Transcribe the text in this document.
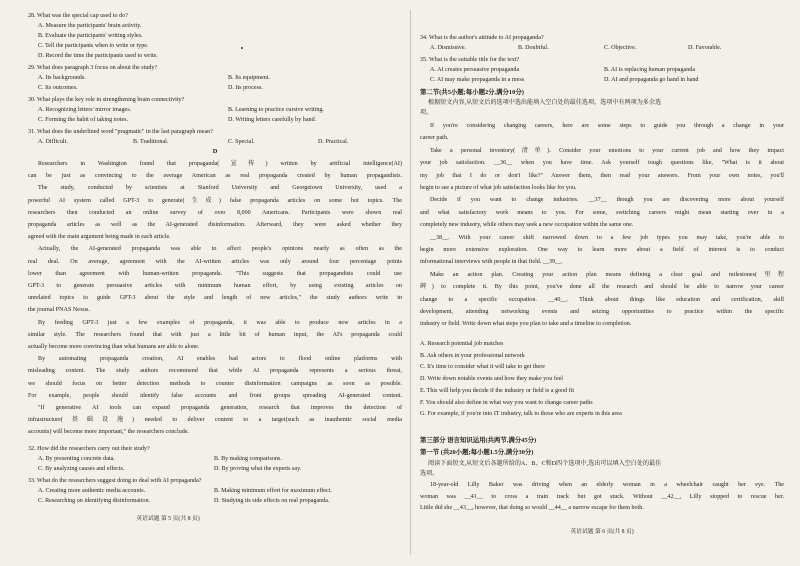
28. What was the special cap used to do?
A. Measure the participants' brain activity.
B. Evaluate the participants' writing styles.
C. Tell the participants when to write or type.
D. Record the time the participants used to write.
29. What does paragraph 3 focus on about the study?
A. Its backgrounds.	B. Its equipment.
C. Its outcomes.	D. Its process.
30. What plays the key role in strengthening brain connectivity?
A. Recognizing letters' mirror images.	B. Learning to practice cursive writing.
C. Forming the habit of taking notes.	D. Writing letters carefully by hand.
31. What does the underlined word "pragmatic" in the last paragraph mean?
A. Difficult.	B. Traditional.	C. Special.	D. Practical.
D
Researchers in Washington found that propaganda(宣传) written by artificial intelligence(AI)
can be just as convincing to the average American as real propaganda created by human propagandists.
The study, conducted by scientists at Stanford University and Georgetown University, used a
powerful AI system called GPT-3 to generate(生成) false propaganda articles on some hot topics. The
researchers then conducted an online survey of over 8,000 Americans. Participants were shown real
propaganda articles as well as the AI-generated disinformation. Afterward, they were asked whether they
agreed with the main argument being made in each article.
Actually, the AI-generated propaganda was able to affect people's opinions nearly as often as the
real deal. On average, agreement with the AI-written articles was only around four percentage points
lower than agreement with human-written propaganda. "This suggests that propagandists could use
GPT-3 to generate persuasive articles with minimum human effort, by using existing articles on
unrelated topics to guide GPT-3 about the style and length of new articles," the study authors write in
the journal PNAS Nexus.
By feeding GPT-3 just a few examples of propaganda, it was able to produce new articles in a
similar style. The researchers found that with just a little bit of human input, the AI's propaganda could
actually become more convincing than what humans are able to alone.
By automating propaganda creation, AI enables bad actors to flood online platforms with
misleading content. The study authors recommend that while AI propaganda represents a serious threat,
we should focus on better detection methods to counter disinformation campaigns as soon as possible.
For example, people should identify false accounts and front groups spreading AI-generated content.
"If generative AI tools can expand propaganda generation, research that improves the detection of
infrastructure(基础设施) needed to deliver content to a target(such as inauthentic social media
accounts) will become more important," the researchers conclude.
32. How did the researchers carry out their study?
A. By presenting concrete data.	B. By making comparisons.
C. By analyzing causes and effects.	D. By proving what the experts say.
33. What do the researchers suggest doing to deal with AI propaganda?
A. Creating more authentic media accounts.	B. Making minimum effort for maximum effect.
C. Researching on identifying disinformation.	D. Studying its side effects on real propaganda.
英语试题 第 5 页(共 8 页)
34. What is the author's attitude to AI propaganda?
A. Dismissive.	B. Doubtful.	C. Objective.	D. Favorable.
35. What is the suitable title for the text?
A. AI creates persuasive propaganda	B. AI is replacing human propaganda
C. AI may make propaganda in a mess	D. AI and propaganda go hand in hand
第二节(共5小题;每小题2分,满分10分)
根据短文内容,从短文后的选项中选出能填入空白处的最佳选项。选项中有两项为多余选
项。
If you're considering changing careers, here are some steps to guide you through a change in your
career path.
Take a personal inventory(清单). Consider your emotions to your current job and how they impact
your job satisfaction. __36__ when you have time. Ask yourself tough questions like, "What is it about
my job that I do or don't like?" Answer them, then read your answers. From your own notes, you'll
begin to see a picture of what job satisfaction looks like for you.
Decide if you want to change industries. __37__ though you are discovering more about yourself
and what satisfactory work means to you. For some, switching careers might mean starting over in a
completely new industry, while others may seek a new occupation within the same one.
__38__. With your career shift narrowed down to a few job types you may take, you're able to
begin more extensive exploration. One way to learn more about a field of interest is to conduct
informational interviews with people in that field. __39__.
Make an action plan. Creating your action plan means defining a clear goal and milestones(里程
碑) to complete it. By this point, you've done all the research and should be able to narrow your career
change to a specific occupation. __40__. Think about things like education and certification, skill
development, attending networking events and seizing opportunities to practice within the specific
industry or field. Write down what steps you plan to take and a timeline to completion.
A. Research potential job matches
B. Ask others in your professional network
C. It's time to consider what it will take to get there
D. Write down notable events and how they make you feel
E. This will help you decide if the industry or field is a good fit
F. You should also define in what way you want to change career paths
G. For example, if you're into IT industry, talk to those who are experts in this area
第三部分 语言知识运用(共两节,满分45分)
第一节 (共20小题;每小题1.5分,满分30分)
阅读下面短文,从短文后各题所给的A、B、C和D四个选项中,选出可以填入空白处的最佳
选项。
18-year-old Lilly Baker was driving when an elderly woman in a wheelchair caught her eye. The
woman was __41__ to cross a train track but got stuck. Without __42__, Lilly stopped to rescue her.
Little did she __43__, however, that doing so would __44__ a narrow escape for them both.
英语试题 第 6 页(共 8 页)
